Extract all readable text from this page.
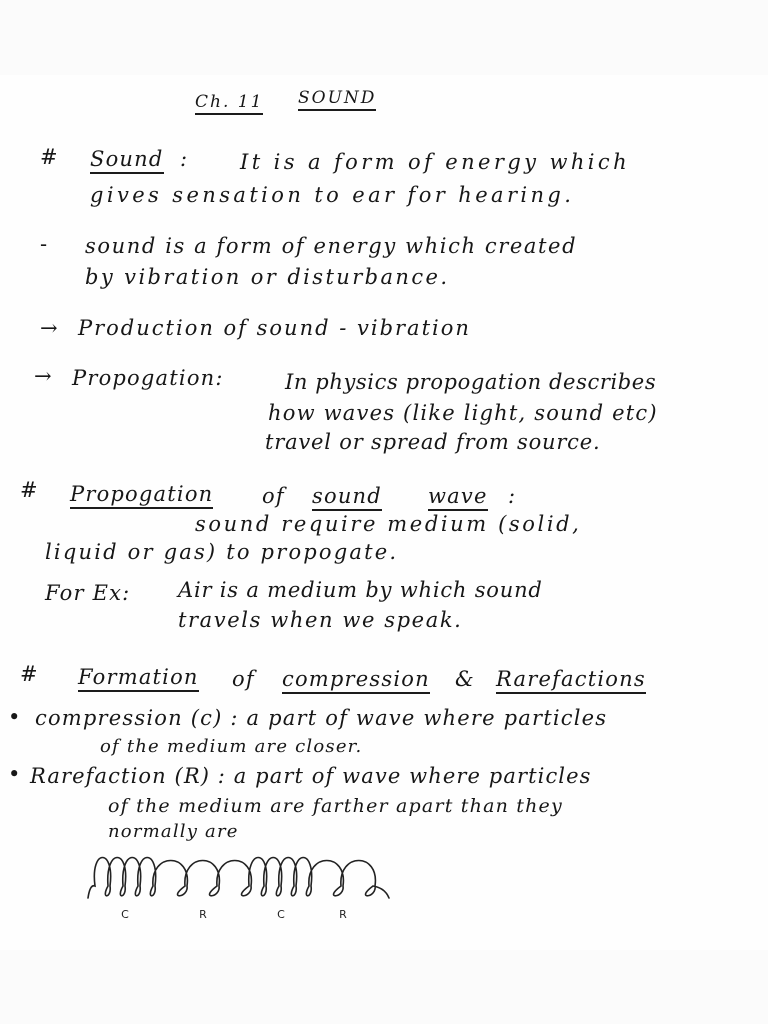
Ch. 11 SOUND
# Sound : It is a form of energy which
gives sensation to ear for hearing.
- sound is a form of energy which created
by vibration or disturbance.
→ Production of sound - vibration
→ Propogation:	In physics propogation describes
how waves (like light, sound etc)
travel or spread from source.
# Propogation of sound wave :
sound require medium (solid,
liquid or gas) to propogate.
For Ex: Air is a medium by which sound
travels when we speak.
# Formation of compression & Rarefactions
• compression (c) : a part of wave where particles
of the medium are closer.
• Rarefaction (R) : a part of wave where particles
of the medium are farther apart than they
normally are
C	R	C	R
